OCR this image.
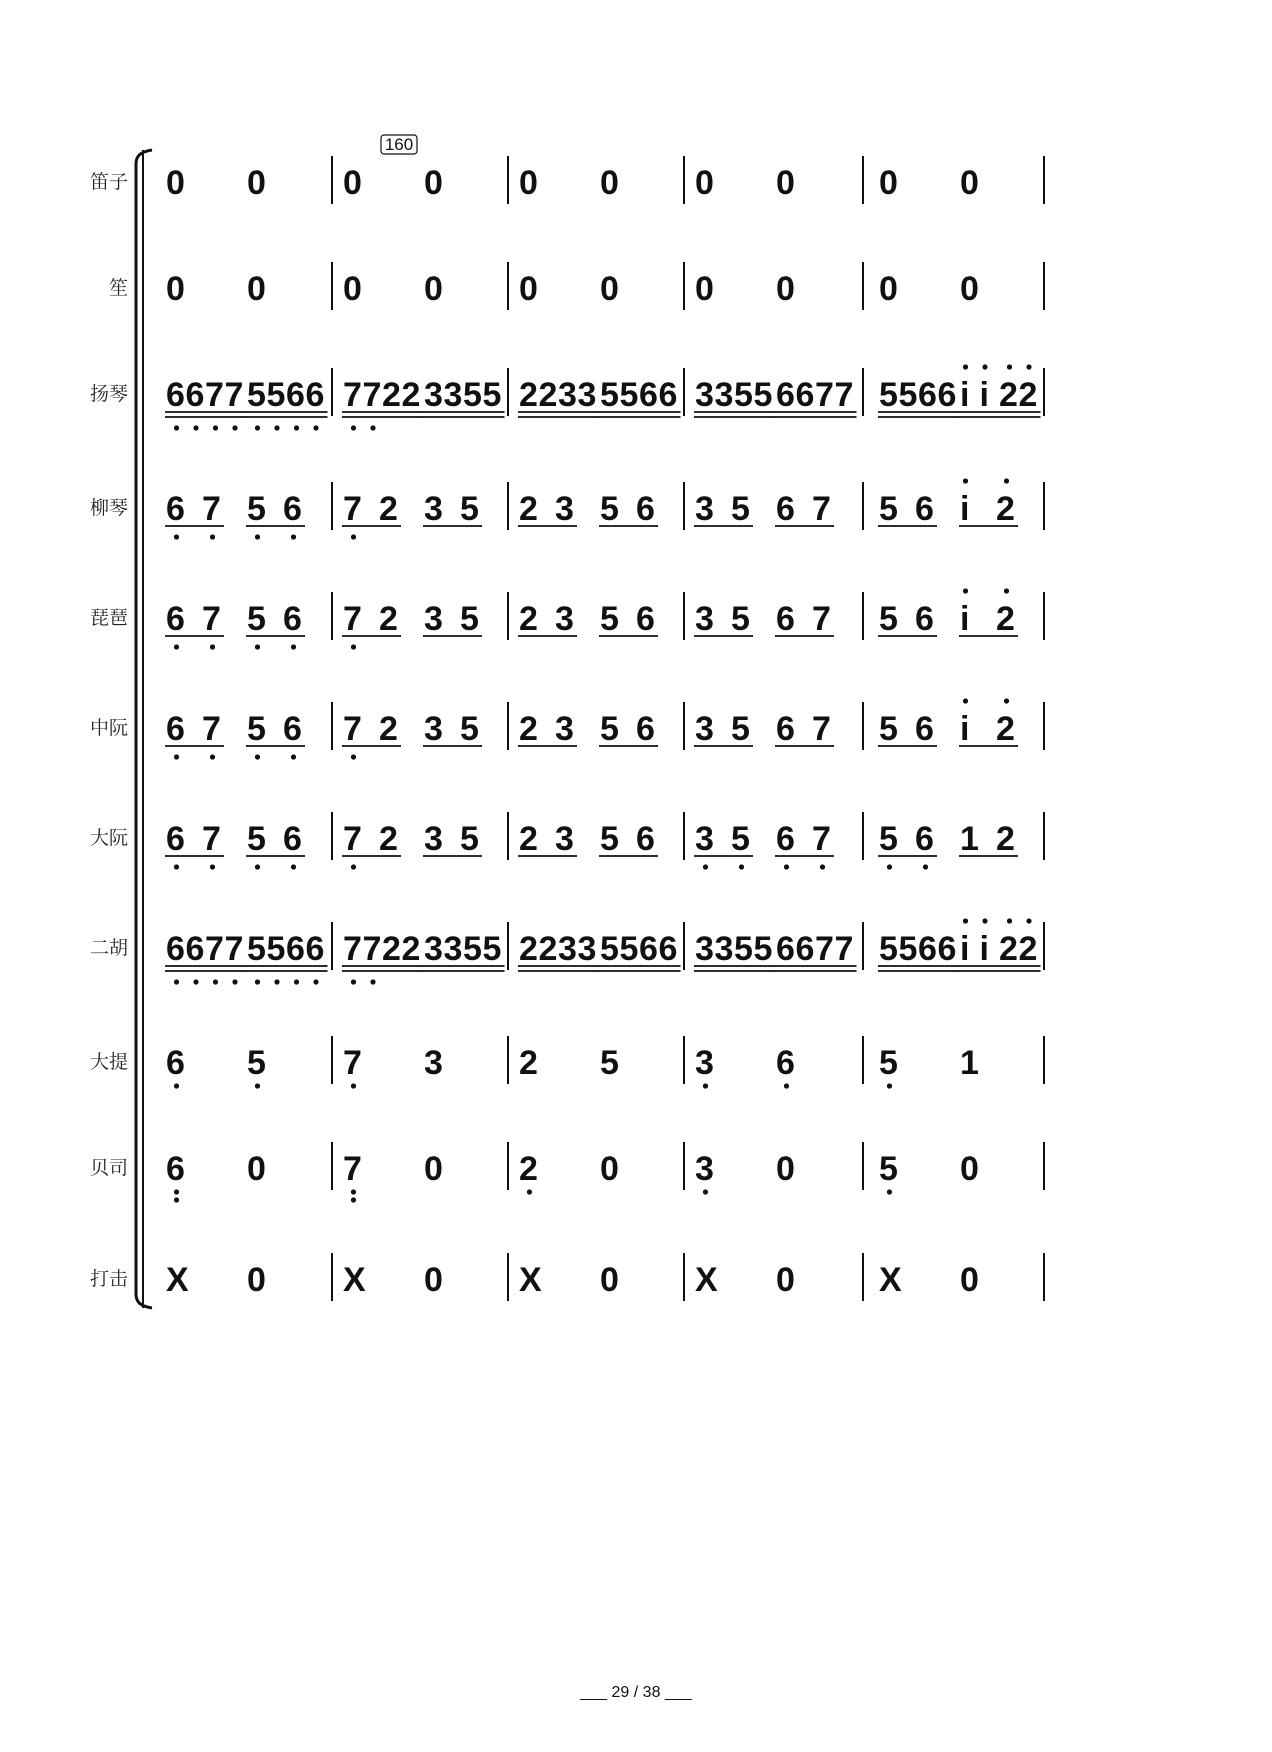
160
笛子 0 0 0 0 0 0 0 0 0 0
笙 0 0 0 0 0 0 0 0 0 0
扬琴 6 6 7 7 5 5 6 6 7 7 2 2 3 3 5 5 2 2 3 3 5 5 6 6 3 3 5 5 6 6 7 7 5 5 6 6 i i 2 2
柳琴 6 7 5 6 7 2 3 5 2 3 5 6 3 5 6 7 5 6 i 2
琵琶 6 7 5 6 7 2 3 5 2 3 5 6 3 5 6 7 5 6 i 2
中阮 6 7 5 6 7 2 3 5 2 3 5 6 3 5 6 7 5 6 i 2
大阮 6 7 5 6 7 2 3 5 2 3 5 6 3 5 6 7 5 6 1 2
二胡 6 6 7 7 5 5 6 6 7 7 2 2 3 3 5 5 2 2 3 3 5 5 6 6 3 3 5 5 6 6 7 7 5 5 6 6 i i 2 2
大提 6 5 7 3 2 5 3 6 5 1
贝司 6 0 7 0 2 0 3 0 5 0
打击 X 0 X 0 X 0 X 0 X 0
___ 29 / 38 ___
